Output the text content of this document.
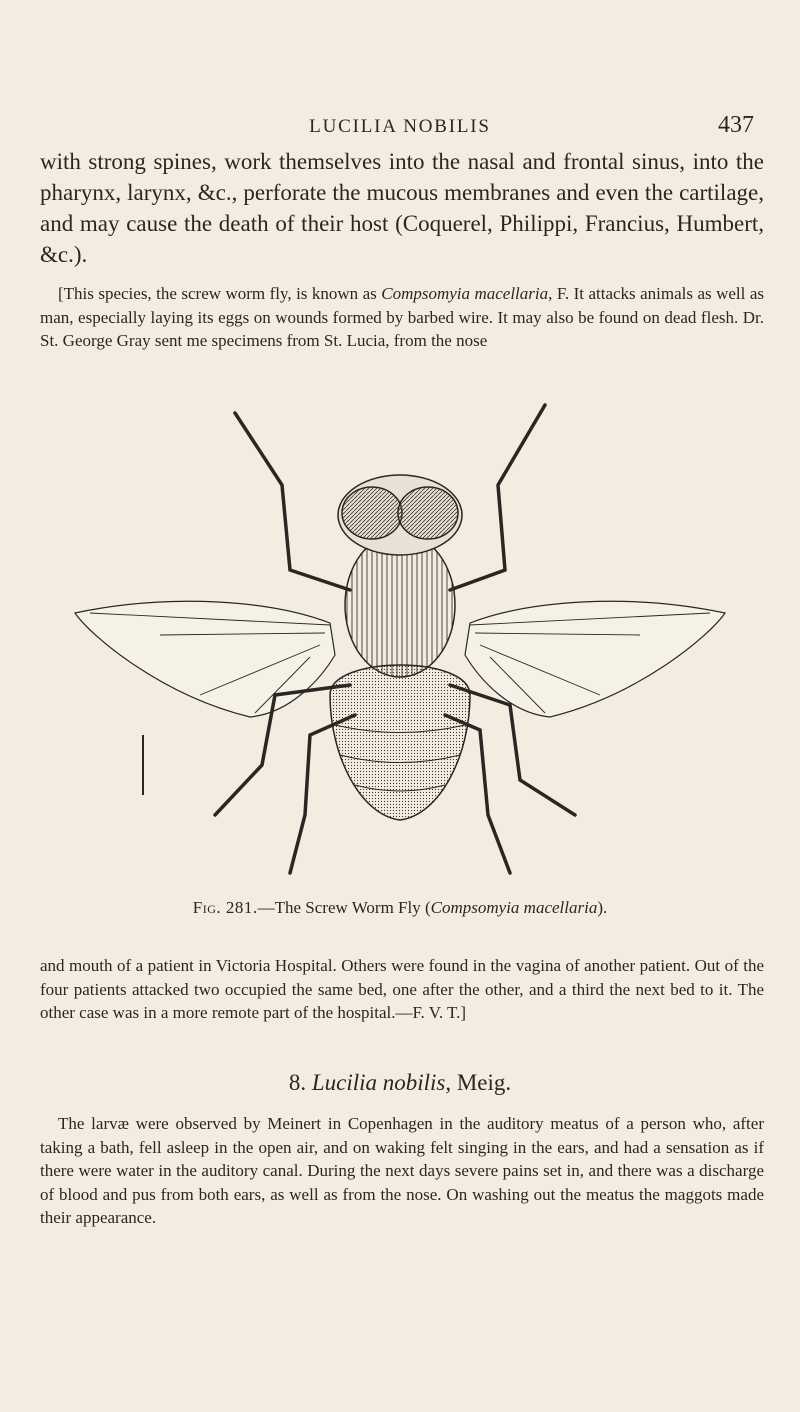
LUCILIA NOBILIS	437

with strong spines, work themselves into the nasal and frontal sinus, into the pharynx, larynx, &c., perforate the mucous membranes and even the cartilage, and may cause the death of their host (Coquerel, Philippi, Francius, Humbert, &c.).

[This species, the screw worm fly, is known as Compsomyia macellaria, F. It attacks animals as well as man, especially laying its eggs on wounds formed by barbed wire. It may also be found on dead flesh. Dr. St. George Gray sent me specimens from St. Lucia, from the nose

Fig. 281.—The Screw Worm Fly (Compsomyia macellaria).

and mouth of a patient in Victoria Hospital. Others were found in the vagina of another patient. Out of the four patients attacked two occupied the same bed, one after the other, and a third the next bed to it. The other case was in a more remote part of the hospital.—F. V. T.]

8. Lucilia nobilis, Meig.

The larvæ were observed by Meinert in Copenhagen in the auditory meatus of a person who, after taking a bath, fell asleep in the open air, and on waking felt singing in the ears, and had a sensation as if there were water in the auditory canal. During the next days severe pains set in, and there was a discharge of blood and pus from both ears, as well as from the nose. On washing out the meatus the maggots made their appearance.
